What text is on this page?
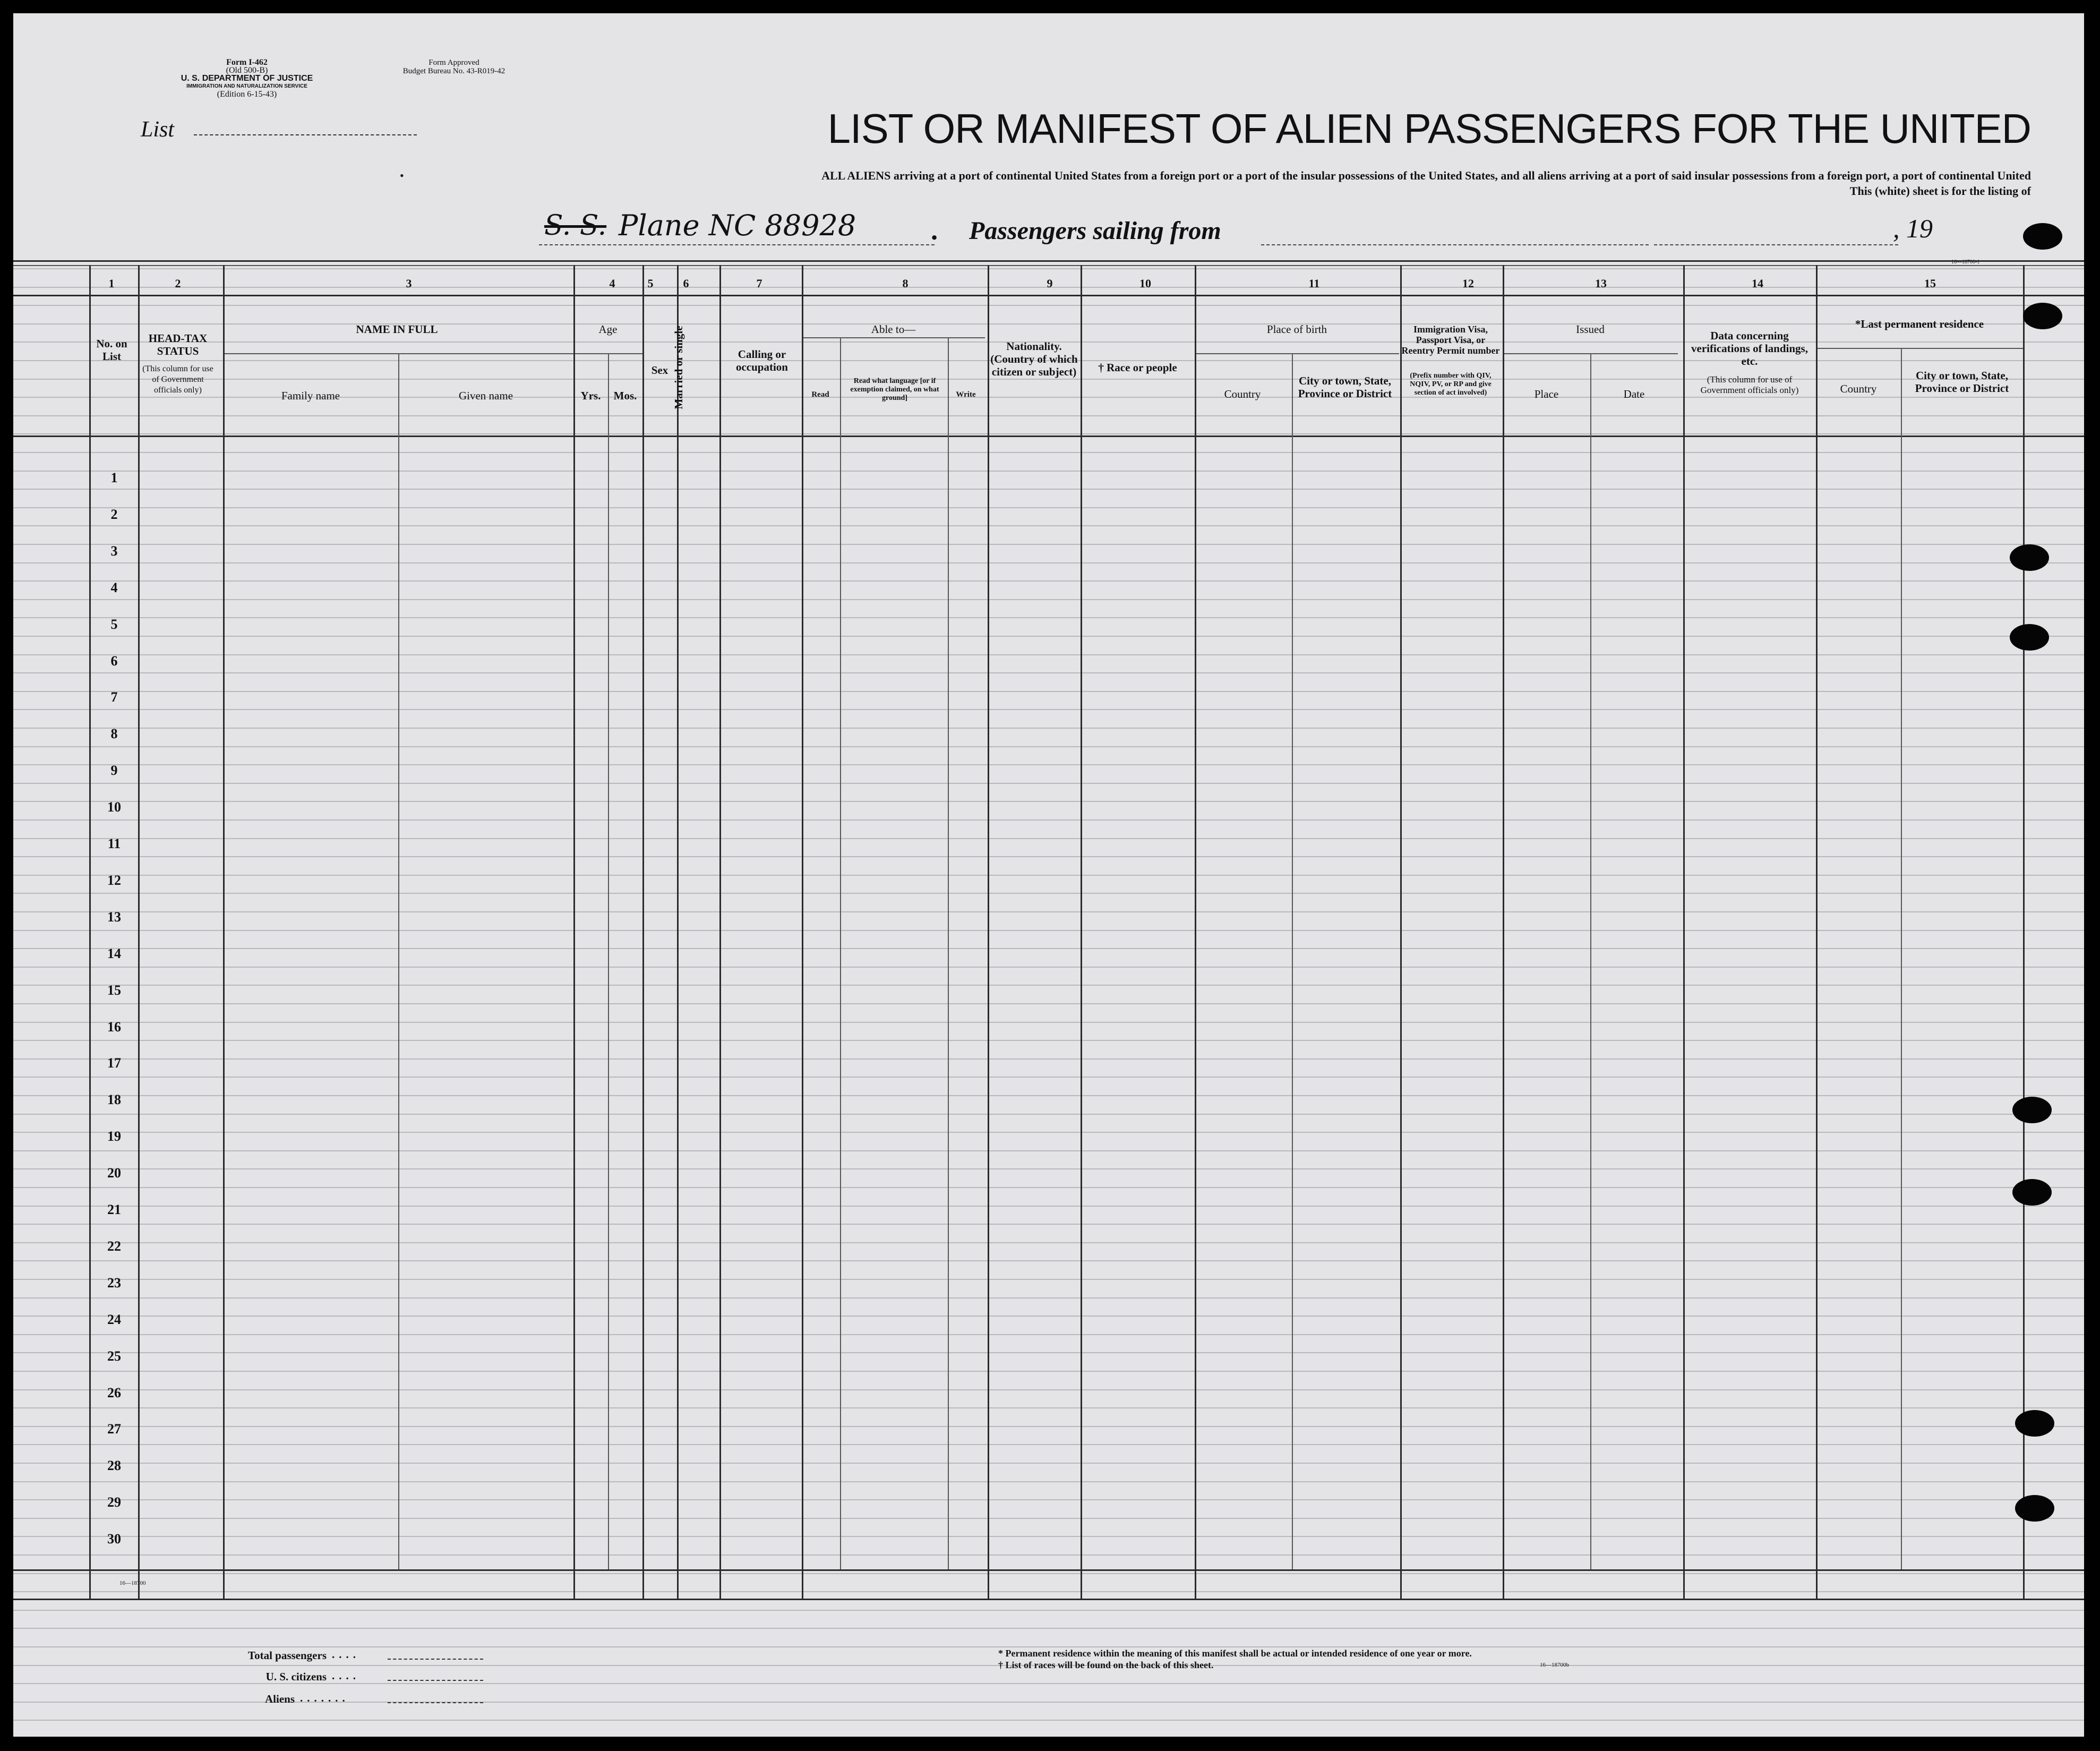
Form I-462
(Old 500-B)
U. S. DEPARTMENT OF JUSTICE
IMMIGRATION AND NATURALIZATION SERVICE
(Edition 6-15-43)
Form Approved
Budget Bureau No. 43-R019-42
List	LIST OR MANIFEST OF ALIEN PASSENGERS FOR THE UNITED
ALL ALIENS arriving at a port of continental United States from a foreign port or a port of the insular possessions of the United States, and all aliens arriving at a port of said insular possessions from a foreign port, a port of continental United
This (white) sheet is for the listing of
•
S. S. Plane NC 88928	. Passengers sailing from	, 19
16—18700-1
1	2	3	4	5	6	7	8	9	10	11	12	13	14	15
No. on List
HEAD-TAX STATUS
(This column for use of Government officials only)
NAME IN FULL
Family name	Given name
Age
Yrs.	Mos.
Sex Married or single	Calling or occupation
Able to—
Read
Read what language [or if exemption claimed, on what ground]	Write
Nationality. (Country of which citizen or subject)	† Race or people
Place of birth
Country
City or town, State, Province or District
Immigration Visa, Passport Visa, or Reentry Permit number
(Prefix number with QIV, NQIV, PV, or RP and give section of act involved)
Issued
Place	Date
Data concerning verifications of landings, etc.
(This column for use of Government officials only)
*Last permanent residence
Country
City or town, State, Province or District
1
2
3
4
5
6
7
8
9
10
11
12
13
14
15
16
17
18
19
20
21
22
23
24
25
26
27
28
29
30
16—18700
Total passengers ....
U. S. citizens ....
Aliens .......
* Permanent residence within the meaning of this manifest shall be actual or intended residence of one year or more.
† List of races will be found on the back of this sheet.	16—18700b
